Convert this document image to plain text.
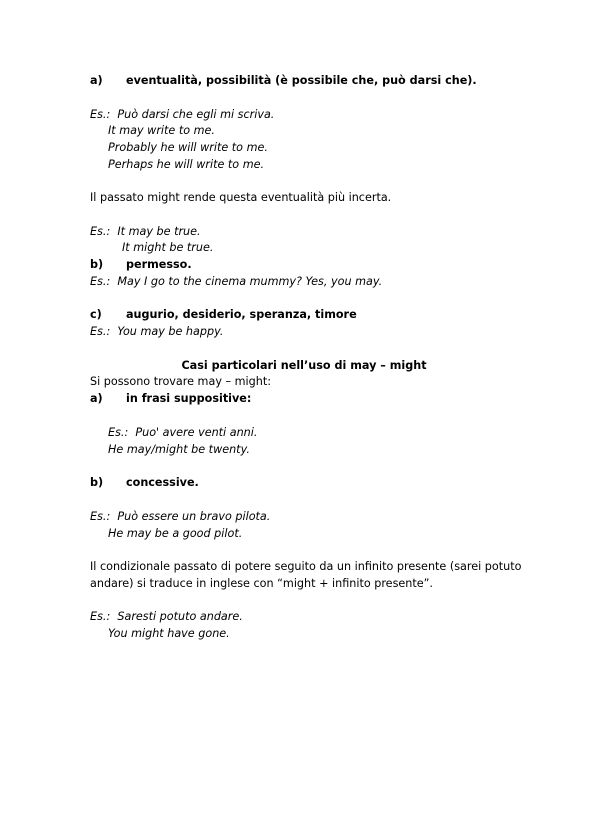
a) eventualità, possibilità (è possibile che, può darsi che).
Es.: Può darsi che egli mi scriva.
It may write to me.
Probably he will write to me.
Perhaps he will write to me.
Il passato might rende questa eventualità più incerta.
Es.: It may be true.
It might be true.
b) permesso.
Es.: May I go to the cinema mummy? Yes, you may.
c) augurio, desiderio, speranza, timore
Es.: You may be happy.
Casi particolari nell’uso di may – might
Si possono trovare may – might:
a) in frasi suppositive:
Es.: Puo' avere venti anni.
He may/might be twenty.
b) concessive.
Es.: Può essere un bravo pilota.
He may be a good pilot.
Il condizionale passato di potere seguito da un infinito presente (sarei potuto
andare) si traduce in inglese con “might + infinito presente”.
Es.: Saresti potuto andare.
You might have gone.
